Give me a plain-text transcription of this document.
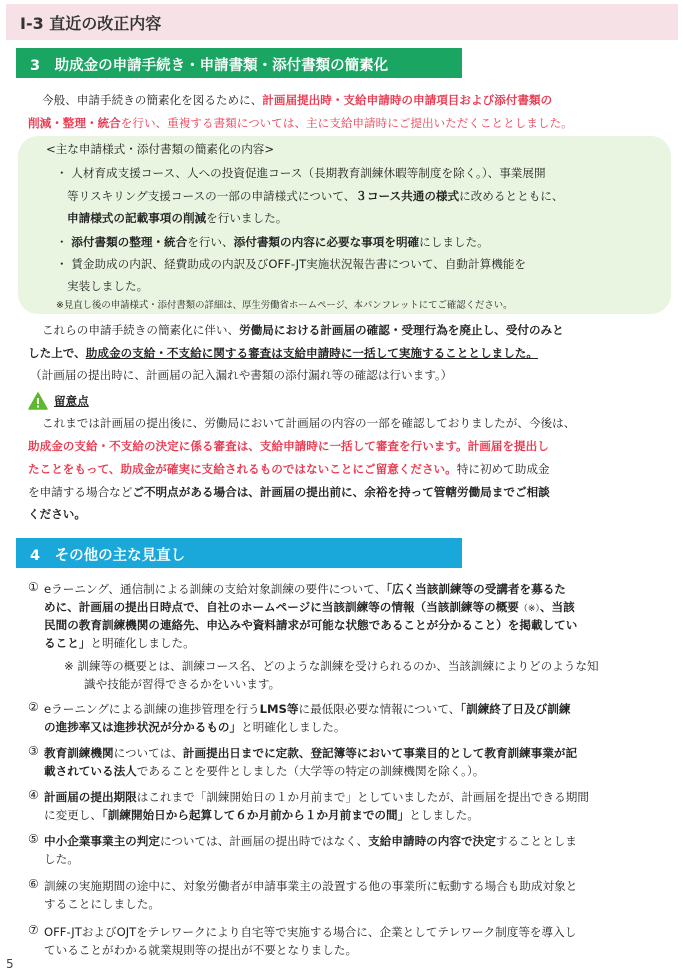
Ⅰ-3 直近の改正内容
3　助成金の申請手続き・申請書類・添付書類の簡素化
今般、申請手続きの簡素化を図るために、計画届提出時・支給申請時の申請項目および添付書類の
削減・整理・統合を行い、重複する書類については、主に支給申請時にご提出いただくこととしました。
<主な申請様式・添付書類の簡素化の内容>
・ 人材育成支援コース、人への投資促進コース（長期教育訓練休暇等制度を除く。）、事業展開
等リスキリング支援コースの一部の申請様式について、３コース共通の様式に改めるとともに、
申請様式の記載事項の削減を行いました。
・ 添付書類の整理・統合を行い、添付書類の内容に必要な事項を明確にしました。
・ 賃金助成の内訳、経費助成の内訳及びOFF-JT実施状況報告書について、自動計算機能を
実装しました。
※見直し後の申請様式・添付書類の詳細は、厚生労働省ホームページ、本パンフレットにてご確認ください。
これらの申請手続きの簡素化に伴い、労働局における計画届の確認・受理行為を廃止し、受付のみと
した上で、助成金の支給・不支給に関する審査は支給申請時に一括して実施することとしました。
（計画届の提出時に、計画届の記入漏れや書類の添付漏れ等の確認は行います。）
留意点
これまでは計画届の提出後に、労働局において計画届の内容の一部を確認しておりましたが、今後は、
助成金の支給・不支給の決定に係る審査は、支給申請時に一括して審査を行います。計画届を提出し
たことをもって、助成金が確実に支給されるものではないことにご留意ください。特に初めて助成金
を申請する場合などご不明点がある場合は、計画届の提出前に、余裕を持って管轄労働局までご相談
ください。
4　その他の主な見直し
① eラーニング、通信制による訓練の支給対象訓練の要件について、「広く当該訓練等の受講者を募るた
めに、計画届の提出日時点で、自社のホームページに当該訓練等の情報（当該訓練等の概要（※）、当該
民間の教育訓練機関の連絡先、申込みや資料請求が可能な状態であることが分かること）を掲載してい
ること」と明確化しました。
※ 訓練等の概要とは、訓練コース名、どのような訓練を受けられるのか、当該訓練によりどのような知
識や技能が習得できるかをいいます。
② eラーニングによる訓練の進捗管理を行うLMS等に最低限必要な情報について、「訓練終了日及び訓練
の進捗率又は進捗状況が分かるもの」と明確化しました。
③ 教育訓練機関については、計画提出日までに定款、登記簿等において事業目的として教育訓練事業が記
載されている法人であることを要件としました（大学等の特定の訓練機関を除く。）。
④ 計画届の提出期限はこれまで「訓練開始日の１か月前まで」としていましたが、計画届を提出できる期間
に変更し、「訓練開始日から起算して６か月前から１か月前までの間」としました。
⑤ 中小企業事業主の判定については、計画届の提出時ではなく、支給申請時の内容で決定することとしま
した。
⑥ 訓練の実施期間の途中に、対象労働者が申請事業主の設置する他の事業所に転動する場合も助成対象と
することにしました。
⑦ OFF-JTおよびOJTをテレワークにより自宅等で実施する場合に、企業としてテレワーク制度等を導入し
ていることがわかる就業規則等の提出が不要となりました。
5
